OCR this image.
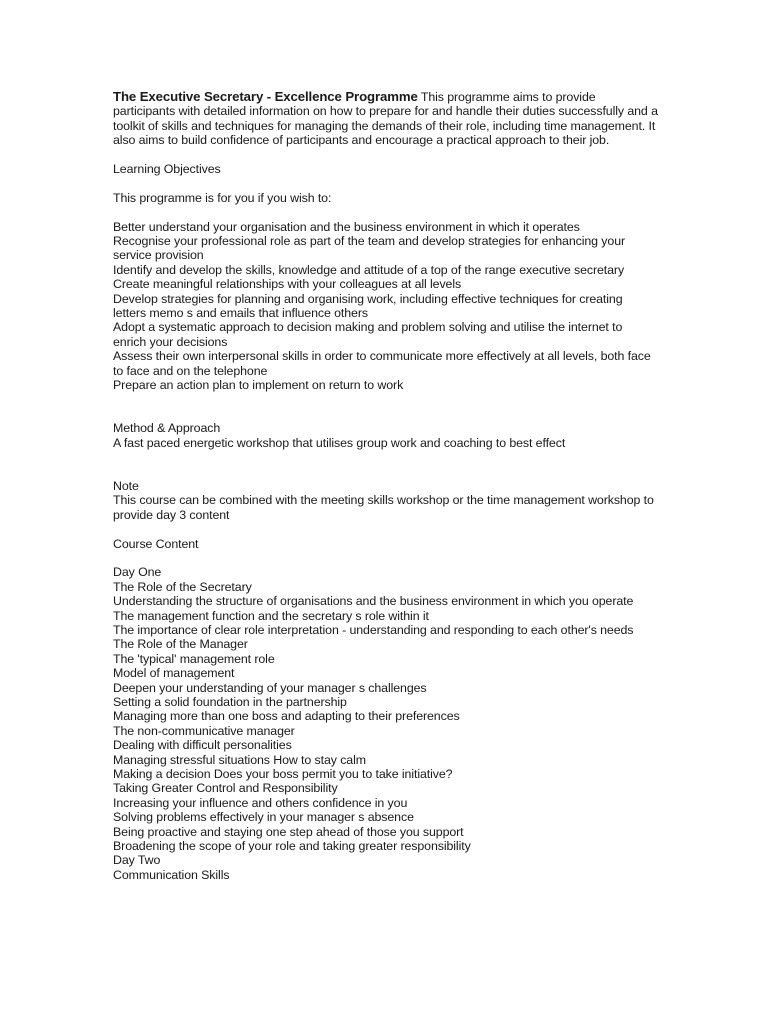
The Executive Secretary - Excellence Programme This programme aims to provide participants with detailed information on how to prepare for and handle their duties successfully and a toolkit of skills and techniques for managing the demands of their role, including time management. It also aims to build confidence of participants and encourage a practical approach to their job.

Learning Objectives

This programme is for you if you wish to:

Better understand your organisation and the business environment in which it operates
Recognise your professional role as part of the team and develop strategies for enhancing your service provision
Identify and develop the skills, knowledge and attitude of a top of the range executive secretary
Create meaningful relationships with your colleagues at all levels
Develop strategies for planning and organising work, including effective techniques for creating letters memo s and emails that influence others
Adopt a systematic approach to decision making and problem solving and utilise the internet to enrich your decisions
Assess their own interpersonal skills in order to communicate more effectively at all levels, both face to face and on the telephone
Prepare an action plan to implement on return to work

Method & Approach

A fast paced energetic workshop that utilises group work and coaching to best effect

Note

This course can be combined with the meeting skills workshop or the time management workshop to provide day 3 content

Course Content

Day One
The Role of the Secretary
Understanding the structure of organisations and the business environment in which you operate
The management function and the secretary s role within it
The importance of clear role interpretation - understanding and responding to each other's needs
The Role of the Manager
The 'typical' management role
Model of management
Deepen your understanding of your manager s challenges
Setting a solid foundation in the partnership
Managing more than one boss and adapting to their preferences
The non-communicative manager
Dealing with difficult personalities
Managing stressful situations How to stay calm
Making a decision Does your boss permit you to take initiative?
Taking Greater Control and Responsibility
Increasing your influence and others confidence in you
Solving problems effectively in your manager s absence
Being proactive and staying one step ahead of those you support
Broadening the scope of your role and taking greater responsibility
Day Two
Communication Skills
